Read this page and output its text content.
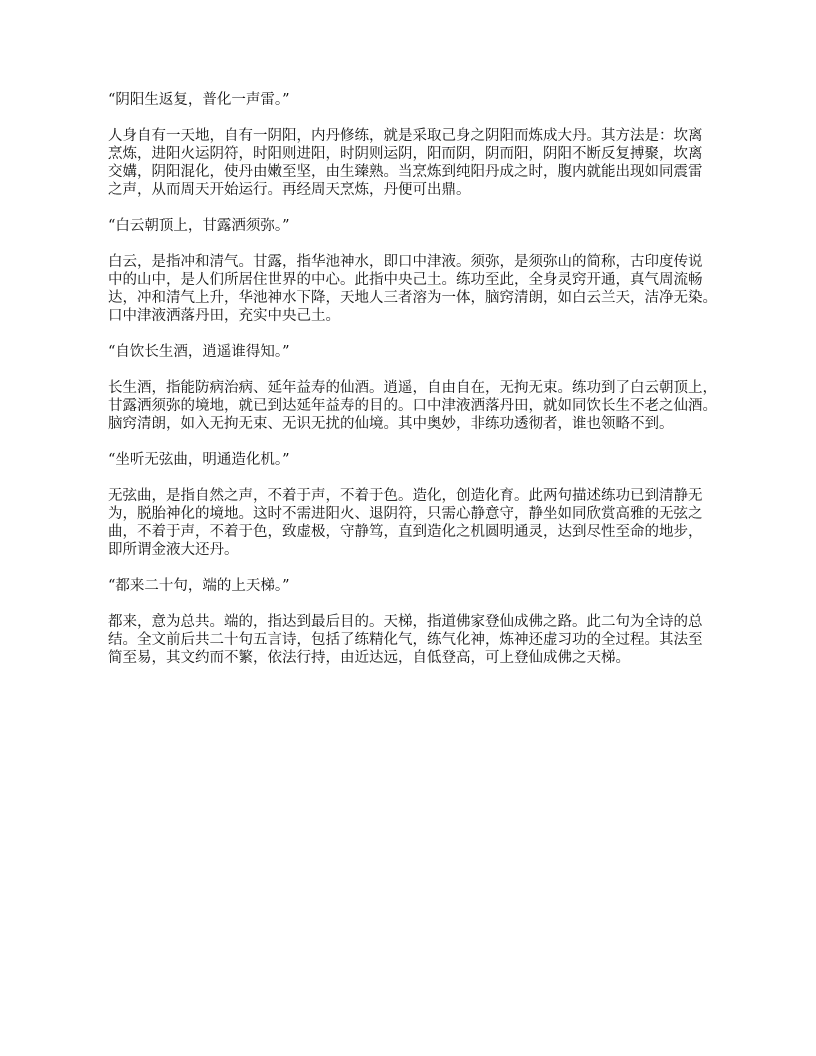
“阴阳生返复，普化一声雷。”

人身自有一天地，自有一阴阳，内丹修练，就是采取己身之阴阳而炼成大丹。其方法是：坎离
烹炼，进阳火运阴符，时阳则进阳，时阴则运阴，阳而阴，阴而阳，阴阳不断反复搏聚，坎离
交媾，阴阳混化，使丹由嫩至坚，由生臻熟。当烹炼到纯阳丹成之时，腹内就能出现如同震雷
之声，从而周天开始运行。再经周天烹炼，丹便可出鼎。

“白云朝顶上，甘露洒须弥。”

白云，是指冲和清气。甘露，指华池神水，即口中津液。须弥，是须弥山的简称，古印度传说
中的山中，是人们所居住世界的中心。此指中央己土。练功至此，全身灵窍开通，真气周流畅
达，冲和清气上升，华池神水下降，天地人三者溶为一体，脑窍清朗，如白云兰天，洁净无染。
口中津液洒落丹田，充实中央己土。

“自饮长生酒，逍遥谁得知。”

长生酒，指能防病治病、延年益寿的仙酒。逍遥，自由自在，无拘无束。练功到了白云朝顶上，
甘露洒须弥的境地，就已到达延年益寿的目的。口中津液洒落丹田，就如同饮长生不老之仙酒。
脑窍清朗，如入无拘无束、无识无扰的仙境。其中奥妙，非练功透彻者，谁也领略不到。

“坐听无弦曲，明通造化机。”

无弦曲，是指自然之声，不着于声，不着于色。造化，创造化育。此两句描述练功已到清静无
为，脱胎神化的境地。这时不需进阳火、退阴符，只需心静意守，静坐如同欣赏高雅的无弦之
曲，不着于声，不着于色，致虚极，守静笃，直到造化之机圆明通灵，达到尽性至命的地步，
即所谓金液大还丹。

“都来二十句，端的上天梯。”

都来，意为总共。端的，指达到最后目的。天梯，指道佛家登仙成佛之路。此二句为全诗的总
结。全文前后共二十句五言诗，包括了练精化气，练气化神，炼神还虚习功的全过程。其法至
简至易，其文约而不繁，依法行持，由近达远，自低登高，可上登仙成佛之天梯。
